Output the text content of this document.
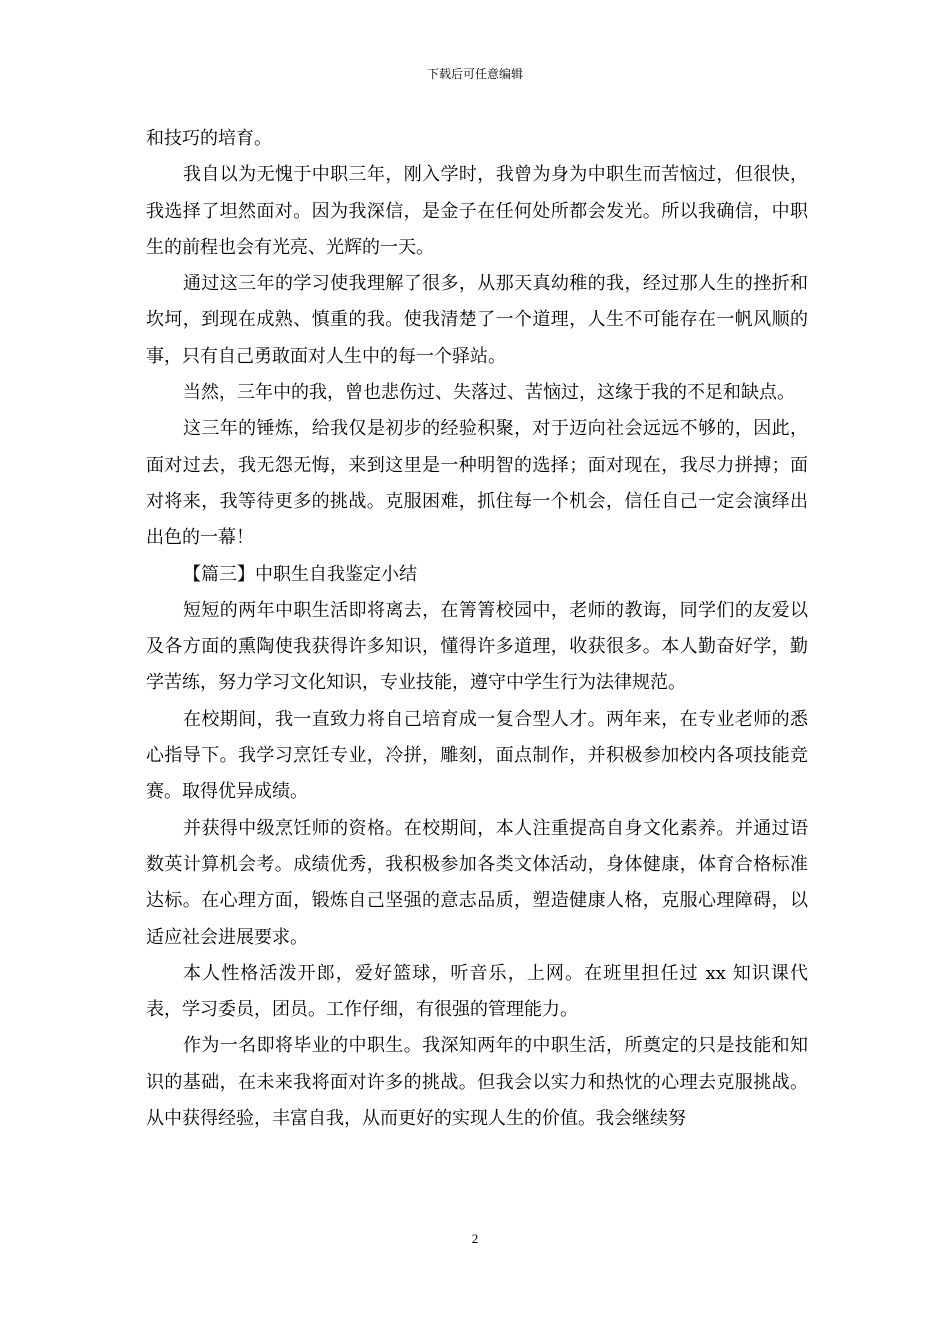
下载后可任意编辑

和技巧的培育。

我自以为无愧于中职三年，刚入学时，我曾为身为中职生而苦恼过，但很快，我选择了坦然面对。因为我深信，是金子在任何处所都会发光。所以我确信，中职生的前程也会有光亮、光辉的一天。

通过这三年的学习使我理解了很多，从那天真幼稚的我，经过那人生的挫折和坎坷，到现在成熟、慎重的我。使我清楚了一个道理，人生不可能存在一帆风顺的事，只有自己勇敢面对人生中的每一个驿站。

当然，三年中的我，曾也悲伤过、失落过、苦恼过，这缘于我的不足和缺点。

这三年的锤炼，给我仅是初步的经验积聚，对于迈向社会远远不够的，因此，面对过去，我无怨无悔，来到这里是一种明智的选择；面对现在，我尽力拼搏；面对将来，我等待更多的挑战。克服困难，抓住每一个机会，信任自己一定会演绎出出色的一幕！

【篇三】中职生自我鉴定小结

短短的两年中职生活即将离去，在箐箐校园中，老师的教诲，同学们的友爱以及各方面的熏陶使我获得许多知识，懂得许多道理，收获很多。本人勤奋好学，勤学苦练，努力学习文化知识，专业技能，遵守中学生行为法律规范。

在校期间，我一直致力将自己培育成一复合型人才。两年来，在专业老师的悉心指导下。我学习烹饪专业，冷拼，雕刻，面点制作，并积极参加校内各项技能竞赛。取得优异成绩。

并获得中级烹饪师的资格。在校期间，本人注重提高自身文化素养。并通过语数英计算机会考。成绩优秀，我积极参加各类文体活动，身体健康，体育合格标准达标。在心理方面，锻炼自己坚强的意志品质，塑造健康人格，克服心理障碍，以适应社会进展要求。

本人性格活泼开郎，爱好篮球，听音乐，上网。在班里担任过 xx 知识课代表，学习委员，团员。工作仔细，有很强的管理能力。

作为一名即将毕业的中职生。我深知两年的中职生活，所奠定的只是技能和知识的基础，在未来我将面对许多的挑战。但我会以实力和热忱的心理去克服挑战。从中获得经验，丰富自我，从而更好的实现人生的价值。我会继续努

2
